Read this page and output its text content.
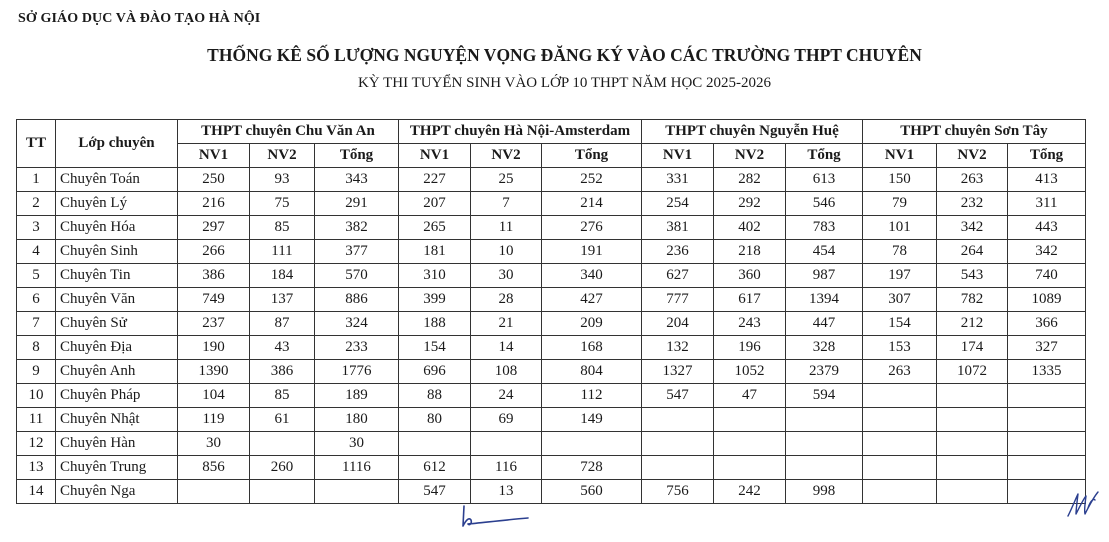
SỞ GIÁO DỤC VÀ ĐÀO TẠO HÀ NỘI
THỐNG KÊ SỐ LƯỢNG NGUYỆN VỌNG ĐĂNG KÝ VÀO CÁC TRƯỜNG THPT CHUYÊN
KỲ THI TUYỂN SINH VÀO LỚP 10 THPT NĂM HỌC 2025-2026
TT	Lớp chuyên	THPT chuyên Chu Văn An			THPT chuyên Hà Nội-Amsterdam			THPT chuyên Nguyễn Huệ			THPT chuyên Sơn Tây		
		NV1	NV2	Tổng	NV1	NV2	Tổng	NV1	NV2	Tổng	NV1	NV2	Tổng
1	Chuyên Toán	250	93	343	227	25	252	331	282	613	150	263	413
2	Chuyên Lý	216	75	291	207	7	214	254	292	546	79	232	311
3	Chuyên Hóa	297	85	382	265	11	276	381	402	783	101	342	443
4	Chuyên Sinh	266	111	377	181	10	191	236	218	454	78	264	342
5	Chuyên Tin	386	184	570	310	30	340	627	360	987	197	543	740
6	Chuyên Văn	749	137	886	399	28	427	777	617	1394	307	782	1089
7	Chuyên Sử	237	87	324	188	21	209	204	243	447	154	212	366
8	Chuyên Địa	190	43	233	154	14	168	132	196	328	153	174	327
9	Chuyên Anh	1390	386	1776	696	108	804	1327	1052	2379	263	1072	1335
10	Chuyên Pháp	104	85	189	88	24	112	547	47	594			
11	Chuyên Nhật	119	61	180	80	69	149						
12	Chuyên Hàn	30		30									
13	Chuyên Trung	856	260	1116	612	116	728						
14	Chuyên Nga				547	13	560	756	242	998			
